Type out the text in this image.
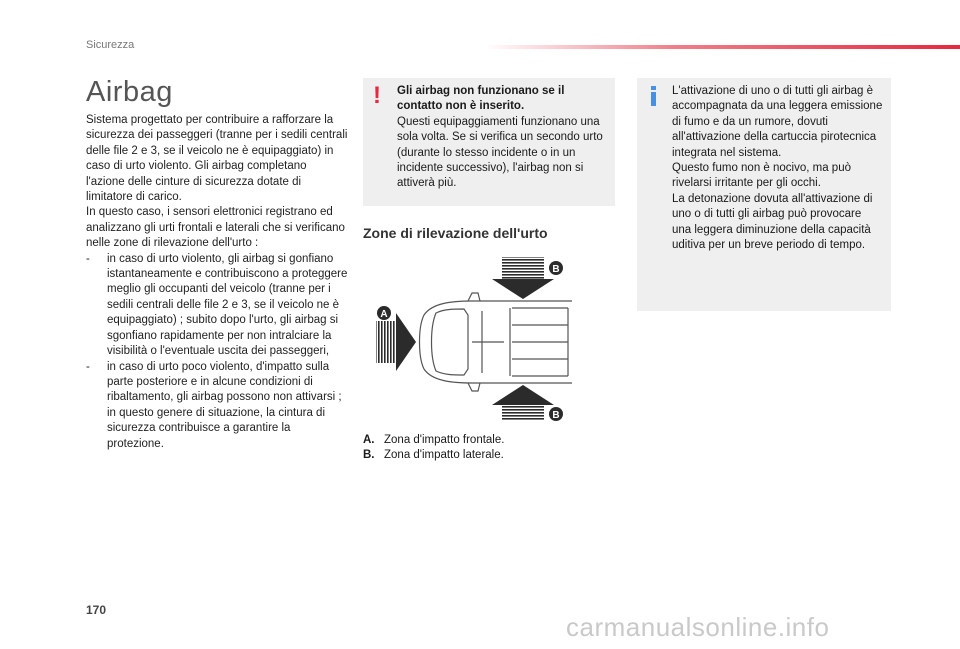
Sicurezza
Airbag

Sistema progettato per contribuire a rafforzare la sicurezza dei passeggeri (tranne per i sedili centrali delle file 2 e 3, se il veicolo ne è equipaggiato) in caso di urto violento. Gli airbag completano l'azione delle cinture di sicurezza dotate di limitatore di carico.

In questo caso, i sensori elettronici registrano ed analizzano gli urti frontali e laterali che si verificano nelle zone di rilevazione dell'urto :

-	in caso di urto violento, gli airbag si gonfiano istantaneamente e contribuiscono a proteggere meglio gli occupanti del veicolo (tranne per i sedili centrali delle file 2 e 3, se il veicolo ne è equipaggiato) ; subito dopo l'urto, gli airbag si sgonfiano rapidamente per non intralciare la visibilità o l'eventuale uscita dei passeggeri,
-	in caso di urto poco violento, d'impatto sulla parte posteriore e in alcune condizioni di ribaltamento, gli airbag possono non attivarsi ; in questo genere di situazione, la cintura di sicurezza contribuisce a garantire la protezione.
! Gli airbag non funzionano se il contatto non è inserito.
Questi equipaggiamenti funzionano una sola volta. Se si verifica un secondo urto (durante lo stesso incidente o in un incidente successivo), l'airbag non si attiverà più.
L'attivazione di uno o di tutti gli airbag è accompagnata da una leggera emissione di fumo e da un rumore, dovuti all'attivazione della cartuccia pirotecnica integrata nel sistema.
Questo fumo non è nocivo, ma può rivelarsi irritante per gli occhi.
La detonazione dovuta all'attivazione di uno o di tutti gli airbag può provocare una leggera diminuzione della capacità uditiva per un breve periodo di tempo.
Zone di rilevazione dell'urto
B
A
B
A. Zona d'impatto frontale.
B. Zona d'impatto laterale.
170
carmanualsonline.info
